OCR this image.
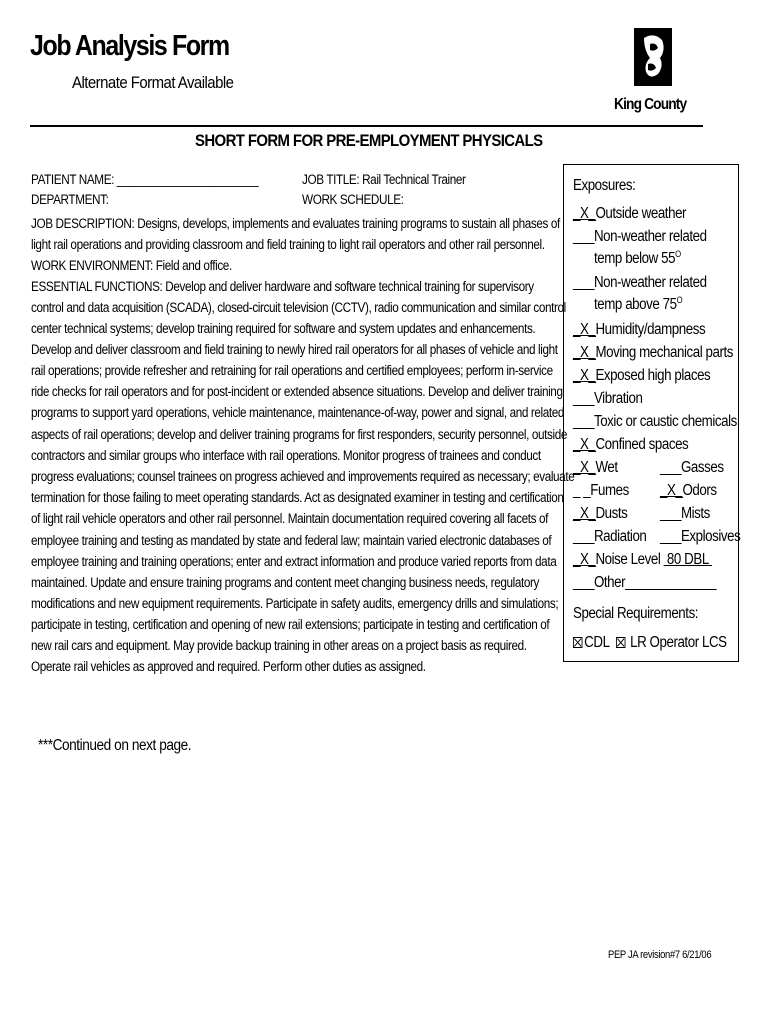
Job Analysis Form
Alternate Format Available
King County
SHORT FORM FOR PRE-EMPLOYMENT PHYSICALS
PATIENT NAME: _______________________
DEPARTMENT:
JOB TITLE: Rail Technical Trainer
WORK SCHEDULE:
JOB DESCRIPTION: Designs, develops, implements and evaluates training programs to sustain all phases of
light rail operations and providing classroom and field training to light rail operators and other rail personnel.
WORK ENVIRONMENT: Field and office.
ESSENTIAL FUNCTIONS: Develop and deliver hardware and software technical training for supervisory
control and data acquisition (SCADA), closed-circuit television (CCTV), radio communication and similar control
center technical systems; develop training required for software and system updates and enhancements.
Develop and deliver classroom and field training to newly hired rail operators for all phases of vehicle and light
rail operations; provide refresher and retraining for rail operations and certified employees; perform in-service
ride checks for rail operators and for post-incident or extended absence situations. Develop and deliver training
programs to support yard operations, vehicle maintenance, maintenance-of-way, power and signal, and related
aspects of rail operations; develop and deliver training programs for first responders, security personnel, outside
contractors and similar groups who interface with rail operations. Monitor progress of trainees and conduct
progress evaluations; counsel trainees on progress achieved and improvements required as necessary; evaluate
termination for those failing to meet operating standards. Act as designated examiner in testing and certification
of light rail vehicle operators and other rail personnel. Maintain documentation required covering all facets of
employee training and testing as mandated by state and federal law; maintain varied electronic databases of
employee training and training operations; enter and extract information and produce varied reports from data
maintained. Update and ensure training programs and content meet changing business needs, regulatory
modifications and new equipment requirements. Participate in safety audits, emergency drills and simulations;
participate in testing, certification and opening of new rail extensions; participate in testing and certification of
new rail cars and equipment. May provide backup training in other areas on a project basis as required.
Operate rail vehicles as approved and required. Perform other duties as assigned.
Exposures:
_X_Outside weather
___Non-weather related
temp below $55^O$
___Non-weather related
temp above $75^O$
_X_Humidity/dampness
_X_Moving mechanical parts
_X_Exposed high places
___Vibration
___Toxic or caustic chemicals
_X_Confined spaces
_X_Wet	___Gasses
_ _Fumes _X_Odors
_X_Dusts ___Mists
___Radiation ___Explosives
_X_Noise Level 80 DBL
___Other_____________
Special Requirements:
CDL LR Operator LCS
***Continued on next page.
PEP JA revision#7 6/21/06
